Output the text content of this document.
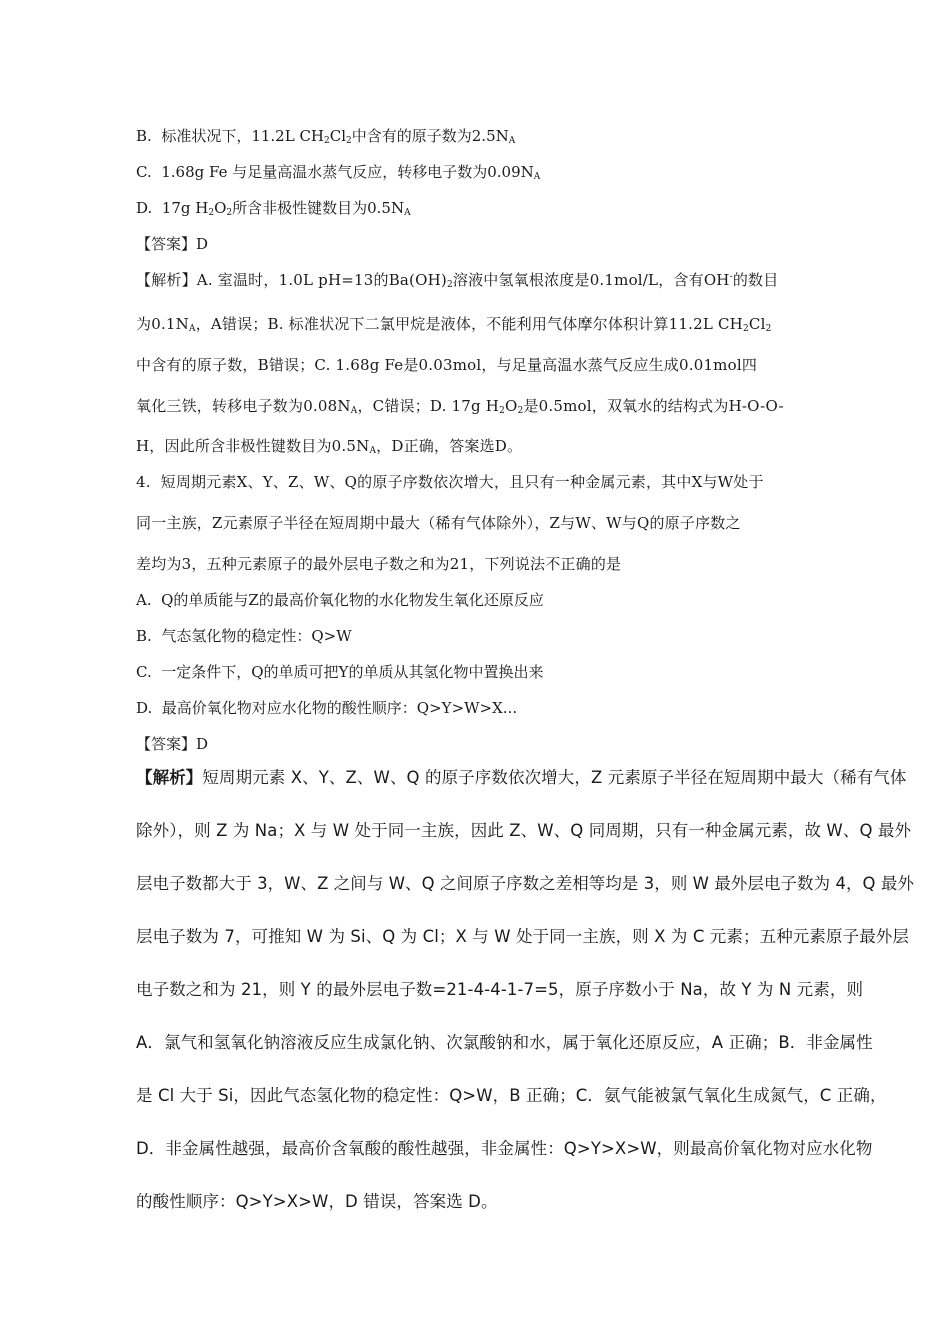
B.  标准状况下，11.2L $CH_2Cl_2$中含有的原子数为$2.5N_A$
C.  1.68g Fe 与足量高温水蒸气反应，转移电子数为$0.09N_A$
D.  17g $H_2O_2$所含非极性键数目为$0.5N_A$
【答案】D
【解析】A. 室温时，1.0L pH=13的$Ba(OH)_2$溶液中氢氧根浓度是0.1mol/L，含有OH-的数目
为$0.1N_A$，A错误；B. 标准状况下二氯甲烷是液体，不能利用气体摩尔体积计算11.2L $CH_2Cl_2$
中含有的原子数，B错误；C. 1.68g Fe是0.03mol，与足量高温水蒸气反应生成0.01mol四
氧化三铁，转移电子数为$0.08N_A$，C错误；D. 17g $H_2O_2$是0.5mol，双氧水的结构式为H-O-O-
H，因此所含非极性键数目为$0.5N_A$，D正确，答案选D。
4.  短周期元素X、Y、Z、W、Q的原子序数依次增大，且只有一种金属元素，其中X与W处于
同一主族，Z元素原子半径在短周期中最大（稀有气体除外），Z与W、W与Q的原子序数之
差均为3，五种元素原子的最外层电子数之和为21，下列说法不正确的是
A.  Q的单质能与Z的最高价氧化物的水化物发生氧化还原反应
B.  气态氢化物的稳定性：Q>W
C.  一定条件下，Q的单质可把Y的单质从其氢化物中置换出来
D.  最高价氧化物对应水化物的酸性顺序：Q>Y>W>X...
【答案】D
【解析】短周期元素 X、Y、Z、W、Q 的原子序数依次增大，Z 元素原子半径在短周期中最大（稀有气体
除外），则 Z 为 Na；X 与 W 处于同一主族，因此 Z、W、Q 同周期，只有一种金属元素，故 W、Q 最外
层电子数都大于 3，W、Z 之间与 W、Q 之间原子序数之差相等均是 3，则 W 最外层电子数为 4，Q 最外
层电子数为 7，可推知 W 为 Si、Q 为 Cl；X 与 W 处于同一主族，则 X 为 C 元素；五种元素原子最外层
电子数之和为 21，则 Y 的最外层电子数=21-4-4-1-7=5，原子序数小于 Na，故 Y 为 N 元素，则
A．氯气和氢氧化钠溶液反应生成氯化钠、次氯酸钠和水，属于氧化还原反应，A 正确；B．非金属性
是 Cl 大于 Si，因此气态氢化物的稳定性：Q>W，B 正确；C．氨气能被氯气氧化生成氮气，C 正确，
D．非金属性越强，最高价含氧酸的酸性越强，非金属性：Q>Y>X>W，则最高价氧化物对应水化物
的酸性顺序：Q>Y>X>W，D 错误，答案选 D。
